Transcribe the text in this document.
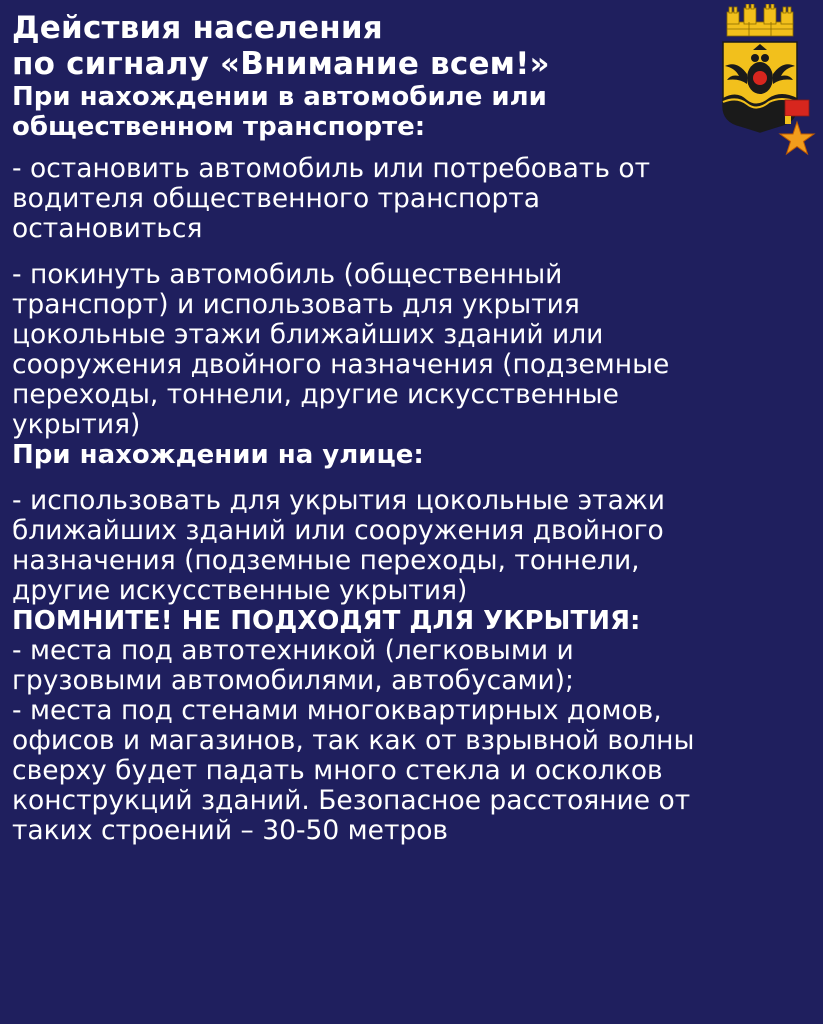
Действия населения
по сигналу «Внимание всем!»
При нахождении в автомобиле или
общественном транспорте:

- остановить автомобиль или потребовать от
водителя общественного транспорта
остановиться

- покинуть автомобиль (общественный
транспорт) и использовать для укрытия
цокольные этажи ближайших зданий или
сооружения двойного назначения (подземные
переходы, тоннели, другие искусственные
укрытия)

При нахождении на улице:

- использовать для укрытия цокольные этажи
ближайших зданий или сооружения двойного
назначения (подземные переходы, тоннели,
другие искусственные укрытия)

ПОМНИТЕ! НЕ ПОДХОДЯТ ДЛЯ УКРЫТИЯ:

- места под автотехникой (легковыми и
грузовыми автомобилями, автобусами);

- места под стенами многоквартирных домов,
офисов и магазинов, так как от взрывной волны
сверху будет падать много стекла и осколков
конструкций зданий. Безопасное расстояние от
таких строений – 30-50 метров
